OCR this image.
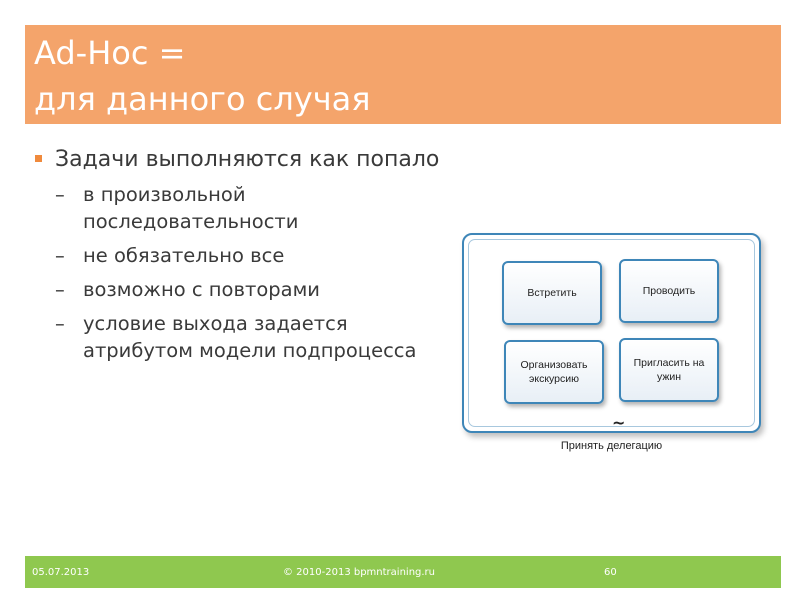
Ad-Hoc =
для данного случая
Задачи выполняются как попало
– в произвольной последовательности
– не обязательно все
– возможно с повторами
– условие выхода задается атрибутом модели подпроцесса
Встретить	Проводить
Организовать экскурсию
Пригласить на ужин
~
Принять делегацию
05.07.2013	© 2010-2013 bpmntraining.ru	60
